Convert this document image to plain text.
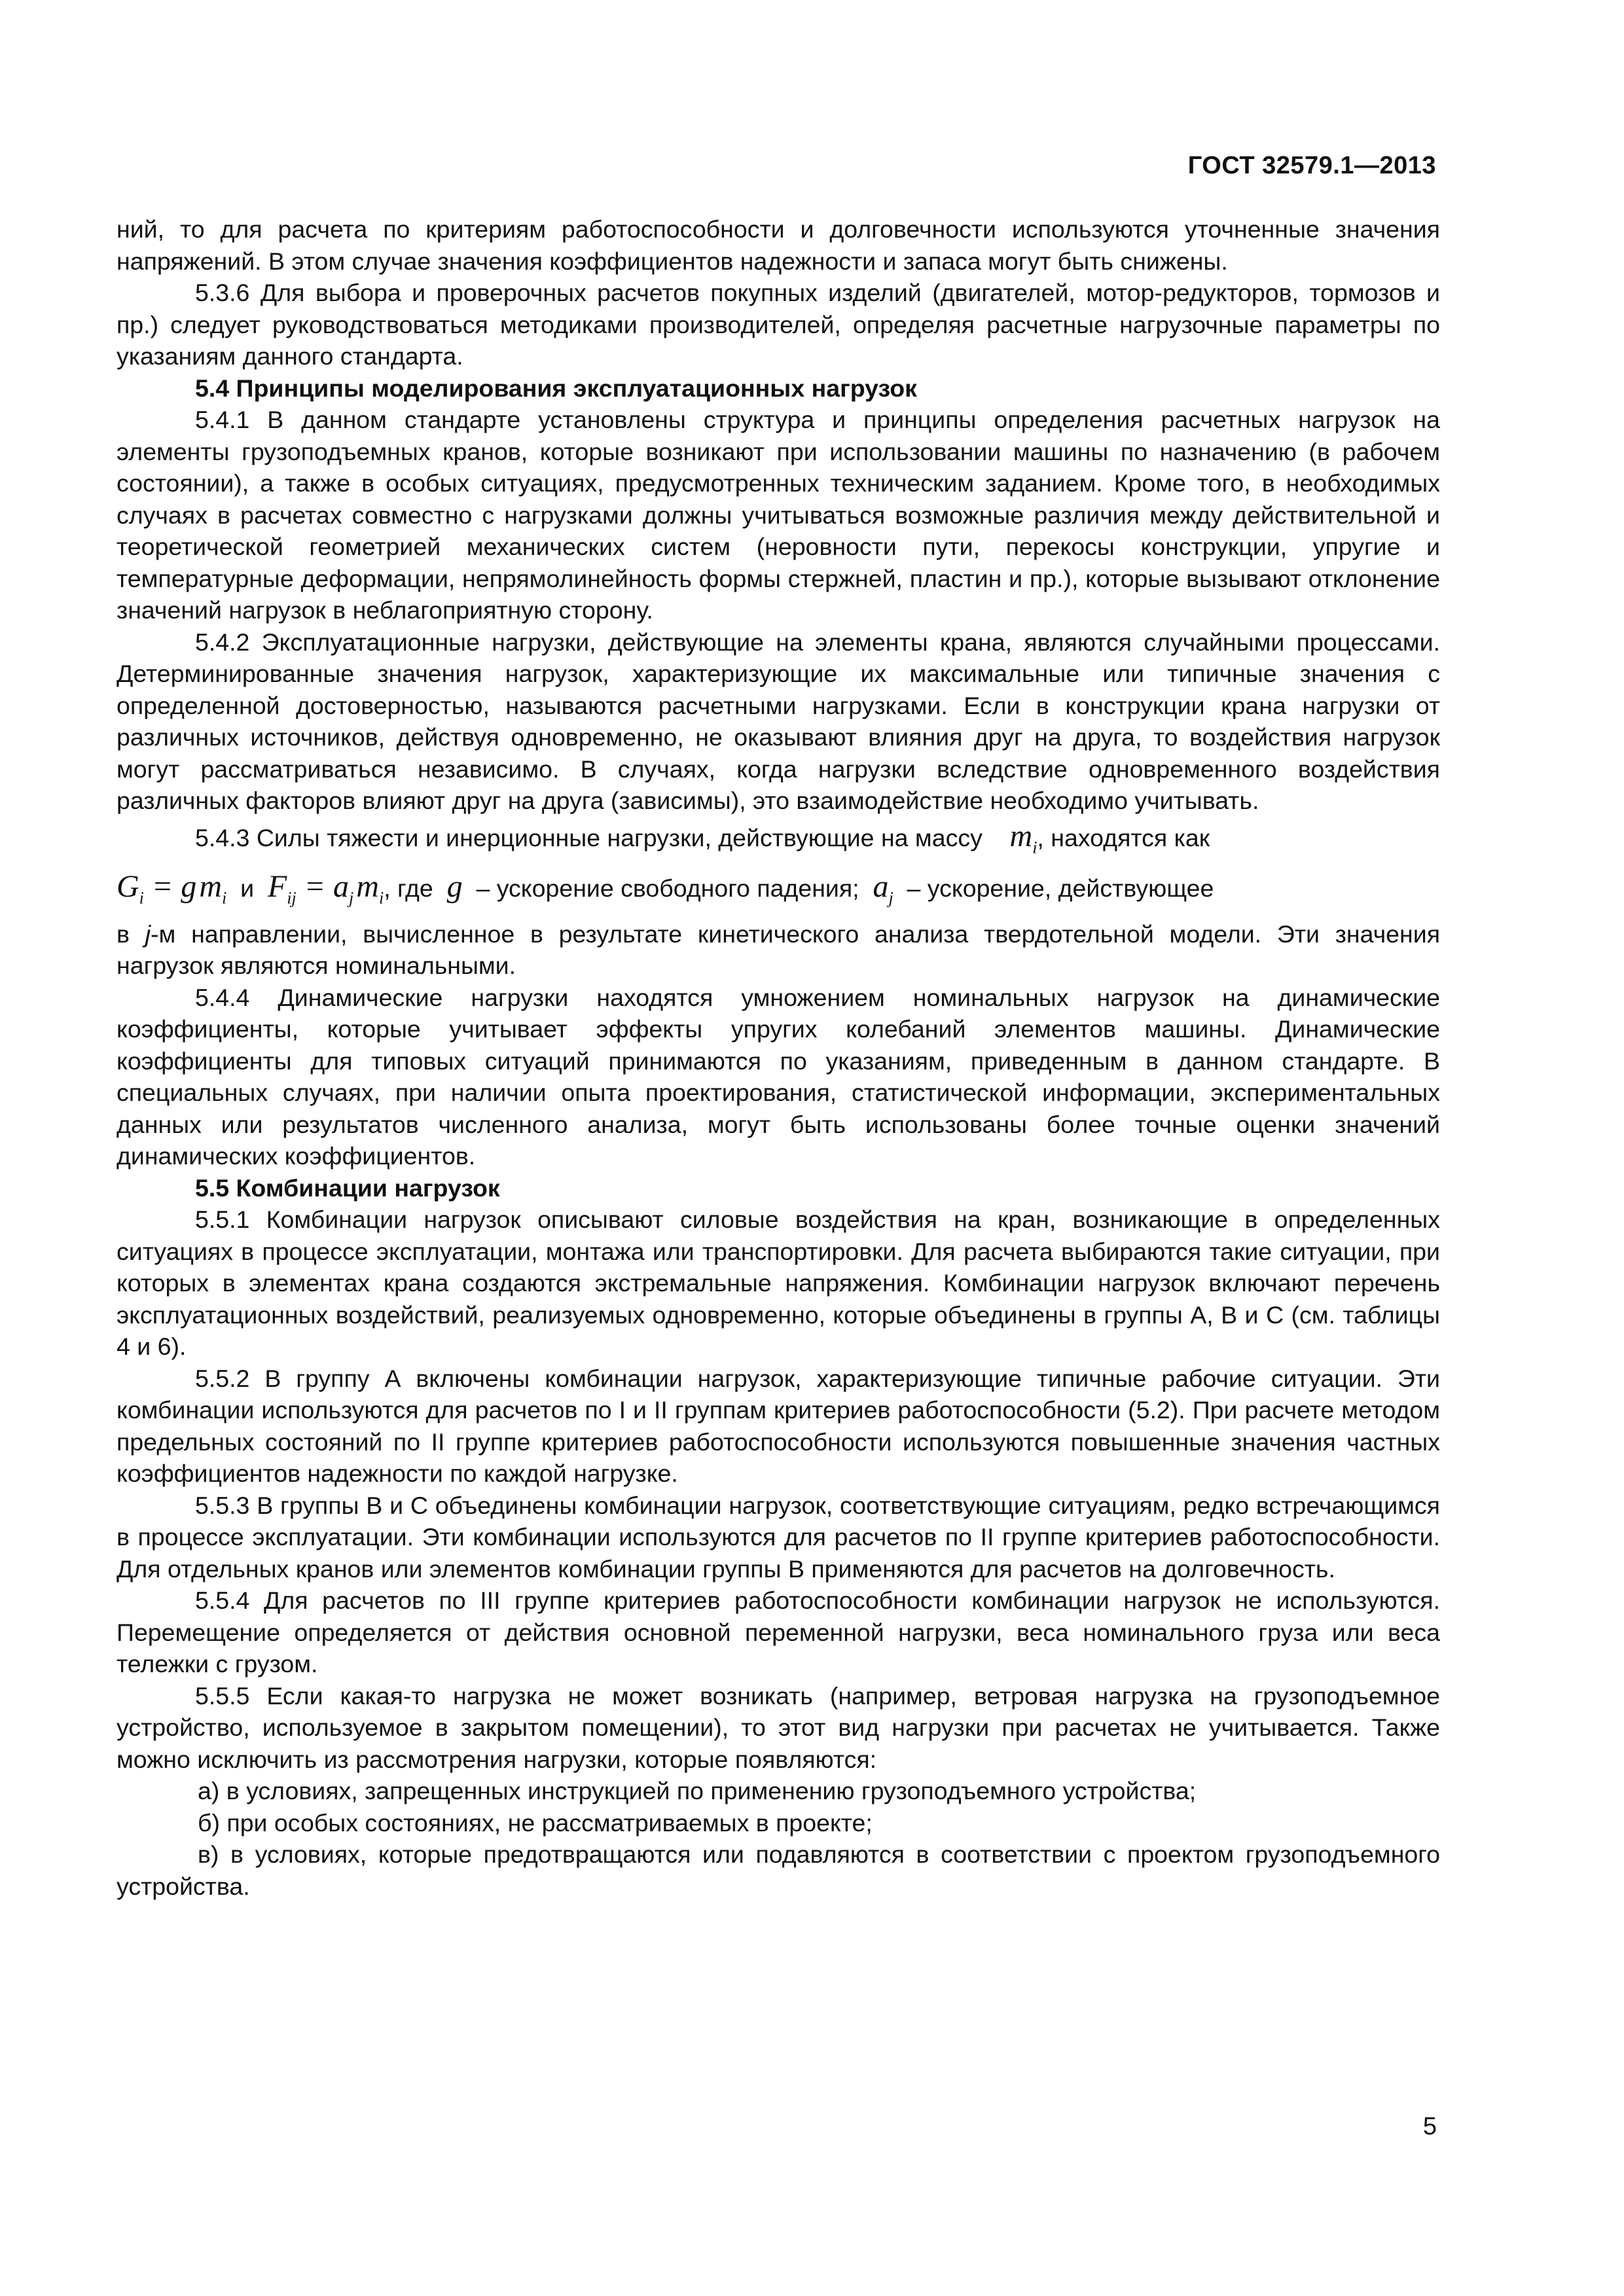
ГОСТ 32579.1—2013

ний, то для расчета по критериям работоспособности и долговечности используются уточненные значения напряжений. В этом случае значения коэффициентов надежности и запаса могут быть снижены.

5.3.6 Для выбора и проверочных расчетов покупных изделий (двигателей, мотор-редукторов, тормозов и пр.) следует руководствоваться методиками производителей, определяя расчетные нагрузочные параметры по указаниям данного стандарта.

5.4 Принципы моделирования эксплуатационных нагрузок

5.4.1 В данном стандарте установлены структура и принципы определения расчетных нагрузок на элементы грузоподъемных кранов, которые возникают при использовании машины по назначению (в рабочем состоянии), а также в особых ситуациях, предусмотренных техническим заданием. Кроме того, в необходимых случаях в расчетах совместно с нагрузками должны учитываться возможные различия между действительной и теоретической геометрией механических систем (неровности пути, перекосы конструкции, упругие и температурные деформации, непрямолинейность формы стержней, пластин и пр.), которые вызывают отклонение значений нагрузок в неблагоприятную сторону.

5.4.2 Эксплуатационные нагрузки, действующие на элементы крана, являются случайными процессами. Детерминированные значения нагрузок, характеризующие их максимальные или типичные значения с определенной достоверностью, называются расчетными нагрузками. Если в конструкции крана нагрузки от различных источников, действуя одновременно, не оказывают влияния друг на друга, то воздействия нагрузок могут рассматриваться независимо. В случаях, когда нагрузки вследствие одновременного воздействия различных факторов влияют друг на друга (зависимы), это взаимодействие необходимо учитывать.

5.4.3 Силы тяжести и инерционные нагрузки, действующие на массу $m_i$, находятся как
$G_i = g$ $m_i$ и $F_{ij} = a_j$ $m_i$, где g – ускорение свободного падения; $a_j$ – ускорение, действующее

в j-м направлении, вычисленное в результате кинетического анализа твердотельной модели. Эти значения нагрузок являются номинальными.

5.4.4 Динамические нагрузки находятся умножением номинальных нагрузок на динамические коэффициенты, которые учитывает эффекты упругих колебаний элементов машины. Динамические коэффициенты для типовых ситуаций принимаются по указаниям, приведенным в данном стандарте. В специальных случаях, при наличии опыта проектирования, статистической информации, экспериментальных данных или результатов численного анализа, могут быть использованы более точные оценки значений динамических коэффициентов.

5.5 Комбинации нагрузок

5.5.1 Комбинации нагрузок описывают силовые воздействия на кран, возникающие в определенных ситуациях в процессе эксплуатации, монтажа или транспортировки. Для расчета выбираются такие ситуации, при которых в элементах крана создаются экстремальные напряжения. Комбинации нагрузок включают перечень эксплуатационных воздействий, реализуемых одновременно, которые объединены в группы А, В и С (см. таблицы 4 и 6).

5.5.2 В группу А включены комбинации нагрузок, характеризующие типичные рабочие ситуации. Эти комбинации используются для расчетов по I и II группам критериев работоспособности (5.2). При расчете методом предельных состояний по II группе критериев работоспособности используются повышенные значения частных коэффициентов надежности по каждой нагрузке.

5.5.3 В группы В и С объединены комбинации нагрузок, соответствующие ситуациям, редко встречающимся в процессе эксплуатации. Эти комбинации используются для расчетов по II группе критериев работоспособности. Для отдельных кранов или элементов комбинации группы В применяются для расчетов на долговечность.

5.5.4 Для расчетов по III группе критериев работоспособности комбинации нагрузок не используются. Перемещение определяется от действия основной переменной нагрузки, веса номинального груза или веса тележки с грузом.

5.5.5 Если какая-то нагрузка не может возникать (например, ветровая нагрузка на грузоподъемное устройство, используемое в закрытом помещении), то этот вид нагрузки при расчетах не учитывается. Также можно исключить из рассмотрения нагрузки, которые появляются:

а) в условиях, запрещенных инструкцией по применению грузоподъемного устройства;

б) при особых состояниях, не рассматриваемых в проекте;

в) в условиях, которые предотвращаются или подавляются в соответствии с проектом грузоподъемного устройства.

5
